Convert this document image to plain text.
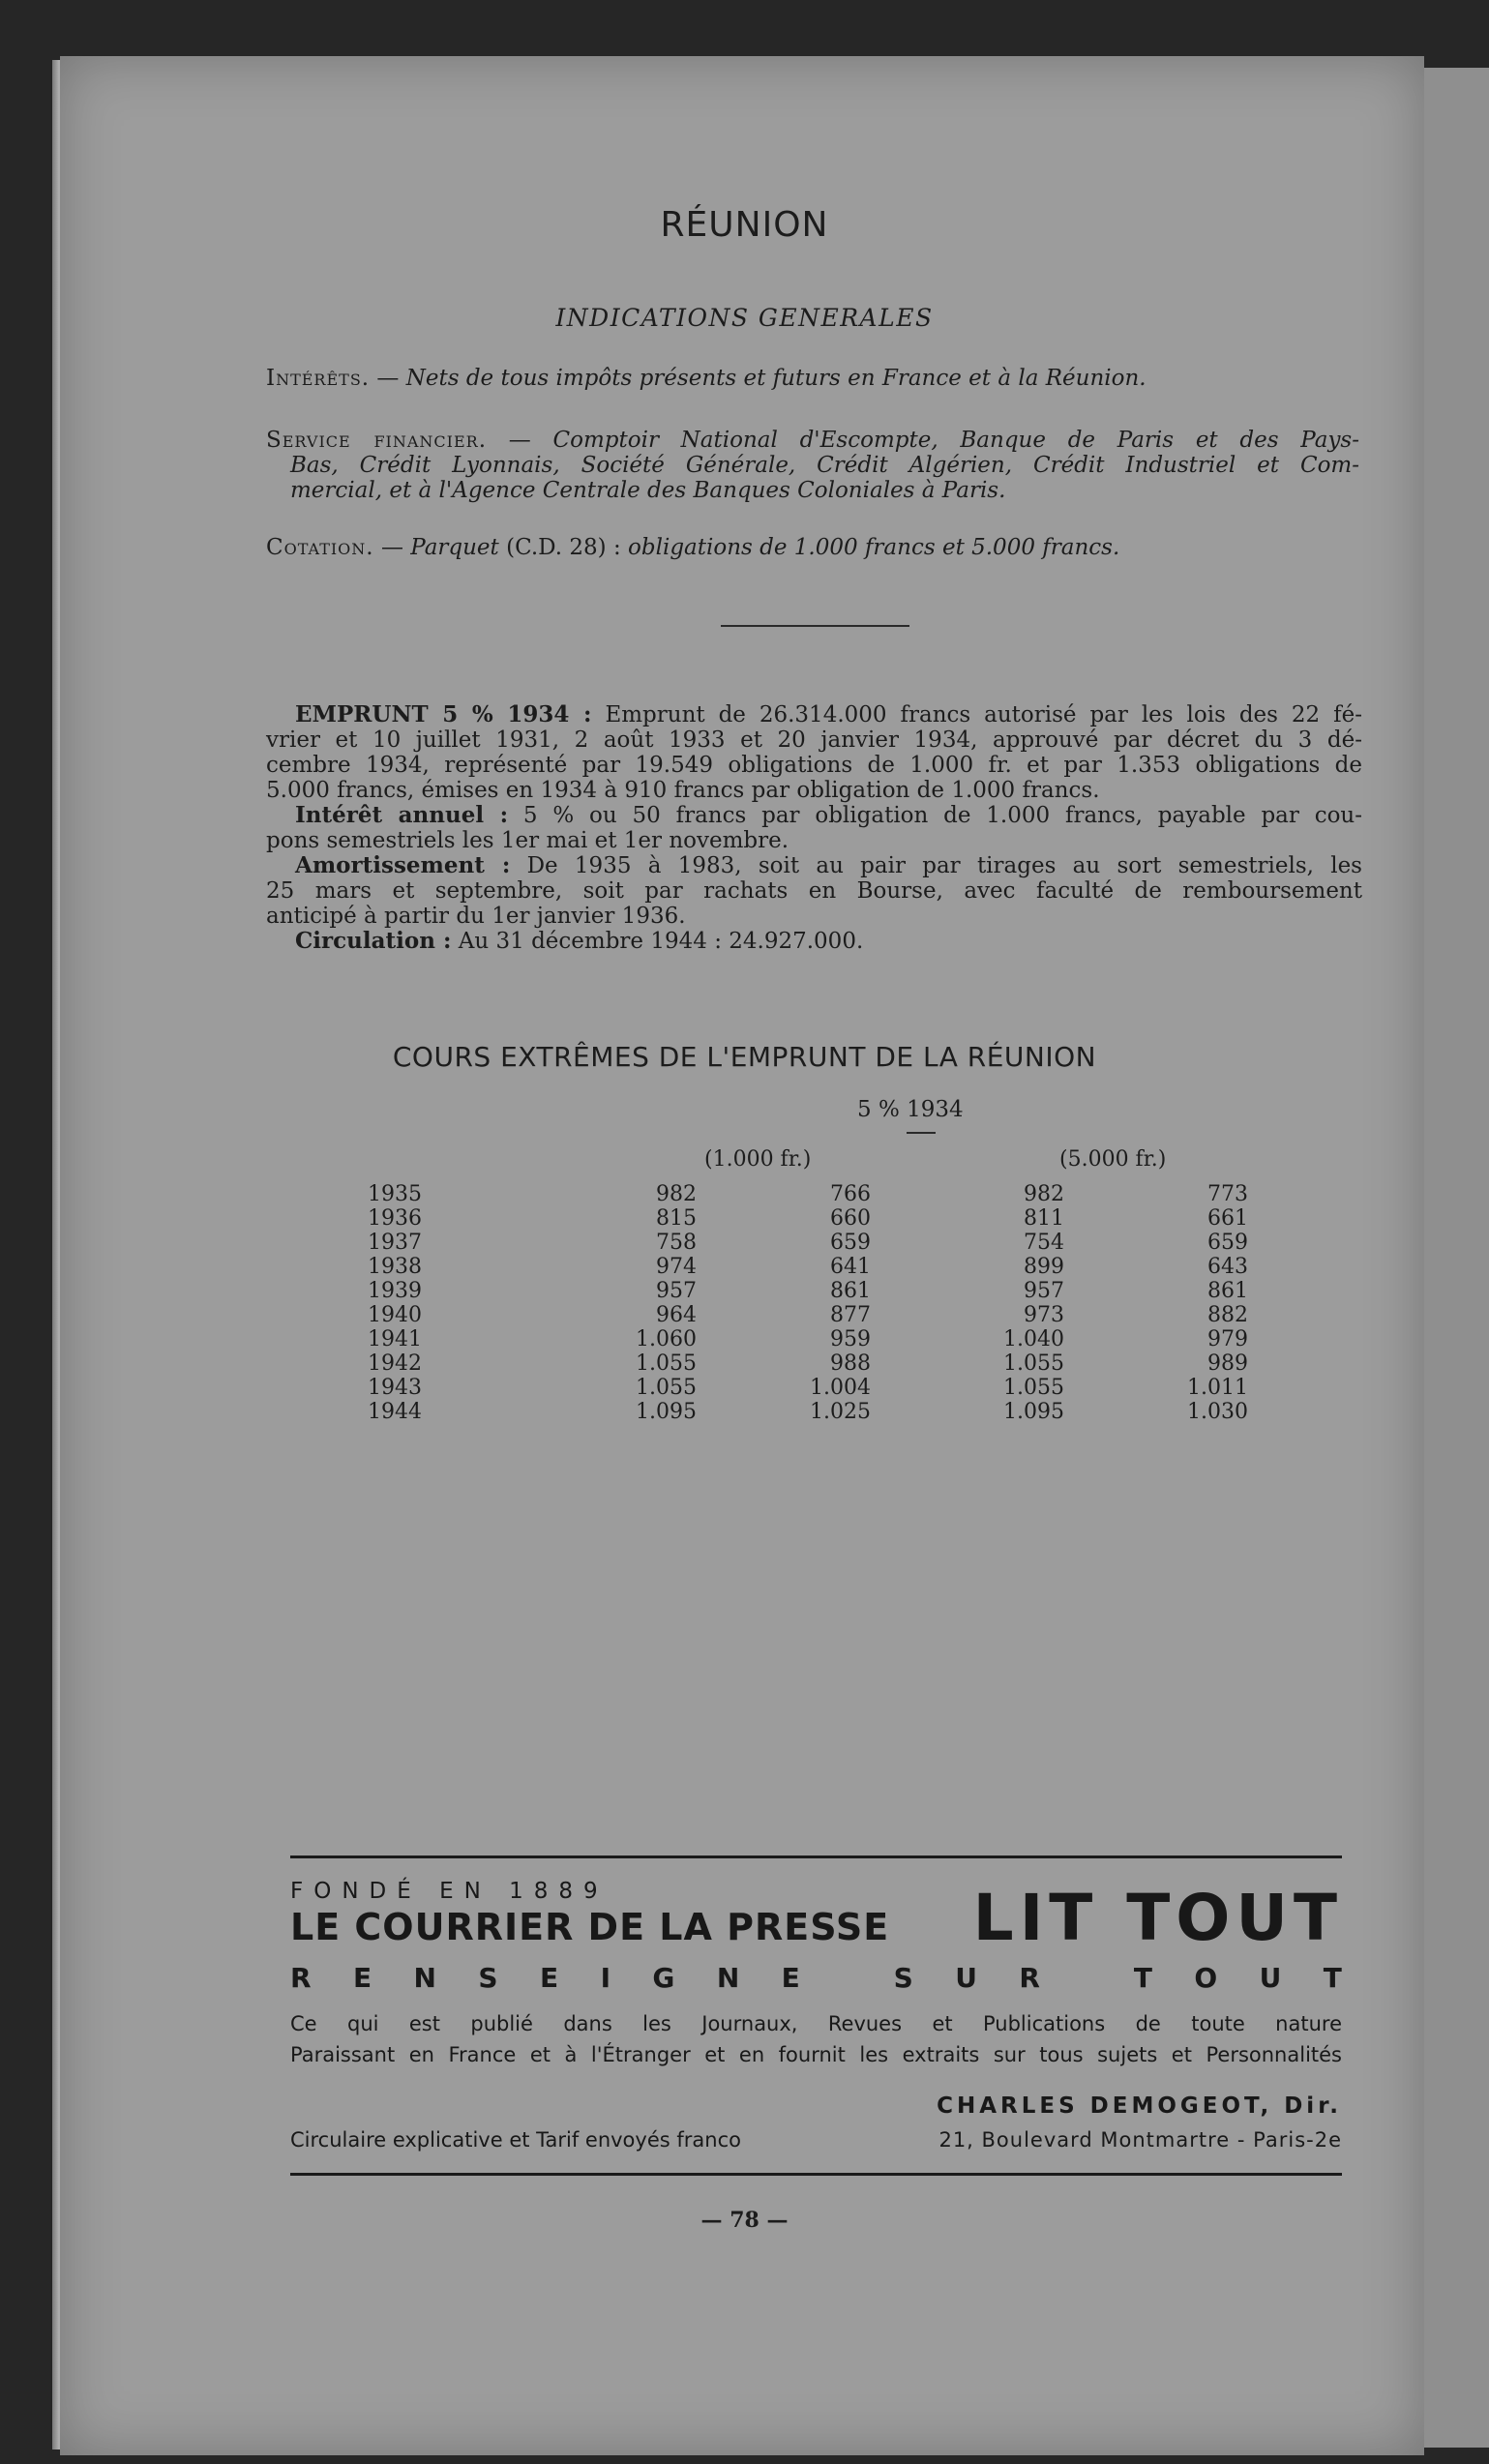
RÉUNION
INDICATIONS GENERALES
Intérêts. — Nets de tous impôts présents et futurs en France et à la Réunion.
Service financier. — Comptoir National d'Escompte, Banque de Paris et des Pays-
Bas, Crédit Lyonnais, Société Générale, Crédit Algérien, Crédit Industriel et Com-
mercial, et à l'Agence Centrale des Banques Coloniales à Paris.
Cotation. — Parquet (C.D. 28) : obligations de 1.000 francs et 5.000 francs.
EMPRUNT 5 % 1934 : Emprunt de 26.314.000 francs autorisé par les lois des 22 fé-
vrier et 10 juillet 1931, 2 août 1933 et 20 janvier 1934, approuvé par décret du 3 dé-
cembre 1934, représenté par 19.549 obligations de 1.000 fr. et par 1.353 obligations de
5.000 francs, émises en 1934 à 910 francs par obligation de 1.000 francs.
Intérêt annuel : 5 % ou 50 francs par obligation de 1.000 francs, payable par cou-
pons semestriels les 1er mai et 1er novembre.
Amortissement : De 1935 à 1983, soit au pair par tirages au sort semestriels, les
25 mars et septembre, soit par rachats en Bourse, avec faculté de remboursement
anticipé à partir du 1er janvier 1936.
Circulation : Au 31 décembre 1944 : 24.927.000.
COURS EXTRÊMES DE L'EMPRUNT DE LA RÉUNION
5 % 1934
(1.000 fr.)	(5.000 fr.)
1935	982	766	982	773
1936	815	660	811	661
1937	758	659	754	659
1938	974	641	899	643
1939	957	861	957	861
1940	964	877	973	882
1941	1.060	959	1.040	979
1942	1.055	988	1.055	989
1943	1.055	1.004	1.055	1.011
1944	1.095	1.025	1.095	1.030
FONDÉ EN 1889
LE COURRIER DE LA PRESSE	LIT TOUT
R E N S E I G N E	S U R	T O U T
Ce qui est publié dans les Journaux, Revues et Publications de toute nature
Paraissant en France et à l'Étranger et en fournit les extraits sur tous sujets et Personnalités
CHARLES DEMOGEOT, Dir.
Circulaire explicative et Tarif envoyés franco	21, Boulevard Montmartre - Paris-2e
— 78 —
